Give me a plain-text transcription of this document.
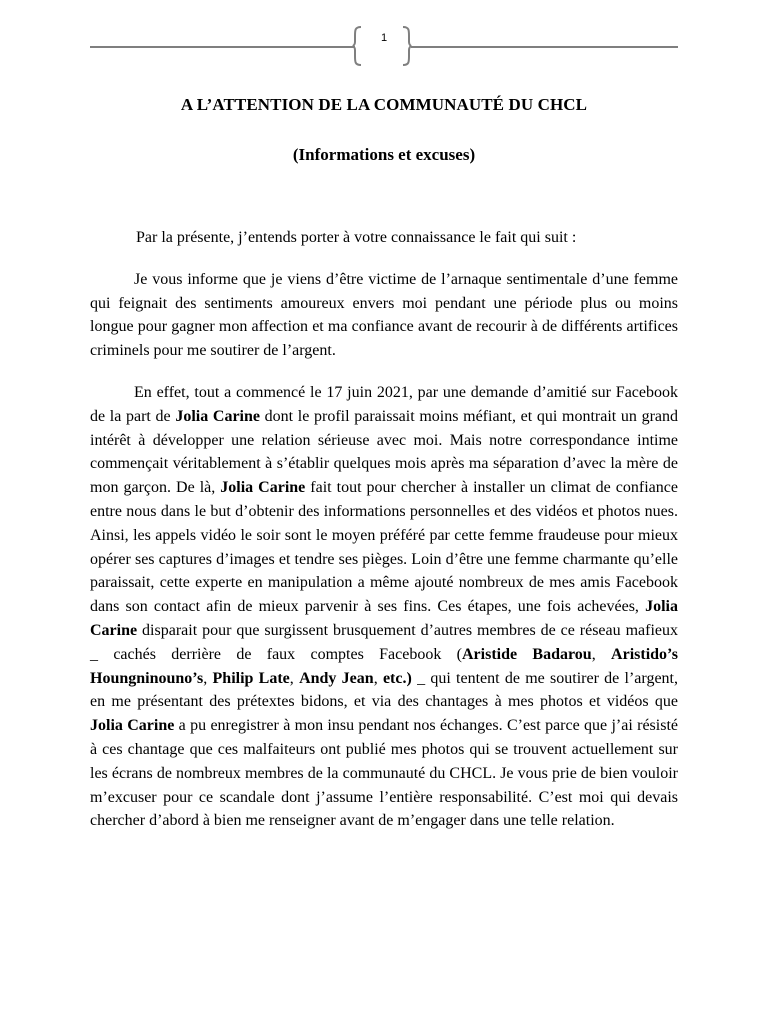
1
A L’ATTENTION DE LA COMMUNAUTÉ DU CHCL
(Informations et excuses)

Par la présente, j’entends porter à votre connaissance le fait qui suit :

Je vous informe que je viens d’être victime de l’arnaque sentimentale d’une femme qui feignait des sentiments amoureux envers moi pendant une période plus ou moins longue pour gagner mon affection et ma confiance avant de recourir à de différents artifices criminels pour me soutirer de l’argent.

En effet, tout a commencé le 17 juin 2021, par une demande d’amitié sur Facebook de la part de Jolia Carine dont le profil paraissait moins méfiant, et qui montrait un grand intérêt à développer une relation sérieuse avec moi. Mais notre correspondance intime commençait véritablement à s’établir quelques mois après ma séparation d’avec la mère de mon garçon. De là, Jolia Carine fait tout pour chercher à installer un climat de confiance entre nous dans le but d’obtenir des informations personnelles et des vidéos et photos nues. Ainsi, les appels vidéo le soir sont le moyen préféré par cette femme fraudeuse pour mieux opérer ses captures d’images et tendre ses pièges. Loin d’être une femme charmante qu’elle paraissait, cette experte en manipulation a même ajouté nombreux de mes amis Facebook dans son contact afin de mieux parvenir à ses fins. Ces étapes, une fois achevées, Jolia Carine disparait pour que surgissent brusquement d’autres membres de ce réseau mafieux _ cachés derrière de faux comptes Facebook (Aristide Badarou, Aristido’s Houngninouno’s, Philip Late, Andy Jean, etc.) _ qui tentent de me soutirer de l’argent, en me présentant des prétextes bidons, et via des chantages à mes photos et vidéos que Jolia Carine a pu enregistrer à mon insu pendant nos échanges. C’est parce que j’ai résisté à ces chantage que ces malfaiteurs ont publié mes photos qui se trouvent actuellement sur les écrans de nombreux membres de la communauté du CHCL. Je vous prie de bien vouloir m’excuser pour ce scandale dont j’assume l’entière responsabilité. C’est moi qui devais chercher d’abord à bien me renseigner avant de m’engager dans une telle relation.
